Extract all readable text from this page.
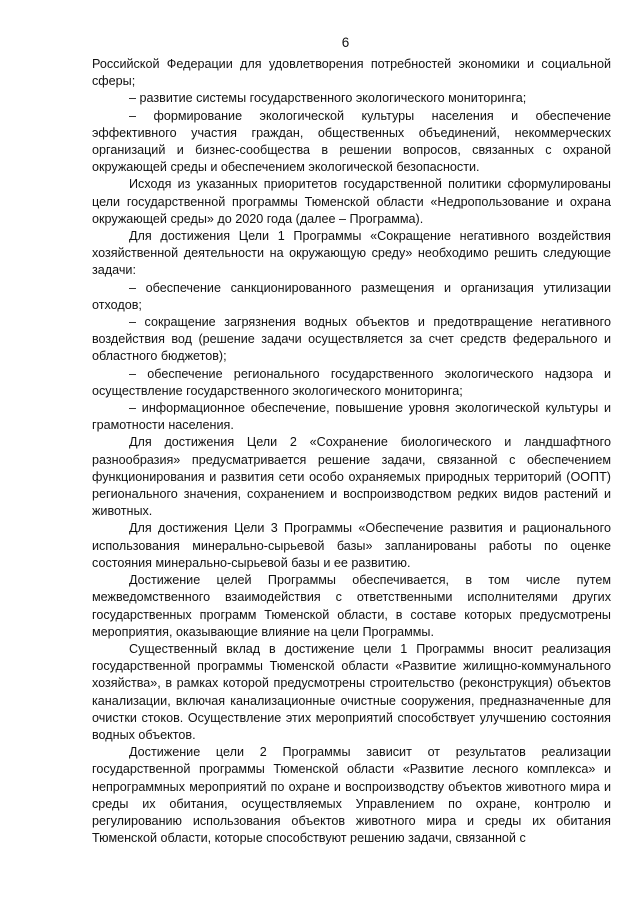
6

Российской Федерации для удовлетворения потребностей экономики и социальной сферы;

– развитие системы государственного экологического мониторинга;

– формирование экологической культуры населения и обеспечение эффективного участия граждан, общественных объединений, некоммерческих организаций и бизнес-сообщества в решении вопросов, связанных с охраной окружающей среды и обеспечением экологической безопасности.

Исходя из указанных приоритетов государственной политики сформулированы цели государственной программы Тюменской области «Недропользование и охрана окружающей среды» до 2020 года (далее – Программа).

Для достижения Цели 1 Программы «Сокращение негативного воздействия хозяйственной деятельности на окружающую среду» необходимо решить следующие задачи:

– обеспечение санкционированного размещения и организация утилизации отходов;

– сокращение загрязнения водных объектов и предотвращение негативного воздействия вод (решение задачи осуществляется за счет средств федерального и областного бюджетов);

– обеспечение регионального государственного экологического надзора и осуществление государственного экологического мониторинга;

– информационное обеспечение, повышение уровня экологической культуры и грамотности населения.

Для достижения Цели 2 «Сохранение биологического и ландшафтного разнообразия» предусматривается решение задачи, связанной с обеспечением функционирования и развития сети особо охраняемых природных территорий (ООПТ) регионального значения, сохранением и воспроизводством редких видов растений и животных.

Для достижения Цели 3 Программы «Обеспечение развития и рационального использования минерально-сырьевой базы» запланированы работы по оценке состояния минерально-сырьевой базы и ее развитию.

Достижение целей Программы обеспечивается, в том числе путем межведомственного взаимодействия с ответственными исполнителями других государственных программ Тюменской области, в составе которых предусмотрены мероприятия, оказывающие влияние на цели Программы.

Существенный вклад в достижение цели 1 Программы вносит реализация государственной программы Тюменской области «Развитие жилищно-коммунального хозяйства», в рамках которой предусмотрены строительство (реконструкция) объектов канализации, включая канализационные очистные сооружения, предназначенные для очистки стоков. Осуществление этих мероприятий способствует улучшению состояния водных объектов.

Достижение цели 2 Программы зависит от результатов реализации государственной программы Тюменской области «Развитие лесного комплекса» и непрограммных мероприятий по охране и воспроизводству объектов животного мира и среды их обитания, осуществляемых Управлением по охране, контролю и регулированию использования объектов животного мира и среды их обитания Тюменской области, которые способствуют решению задачи, связанной с
